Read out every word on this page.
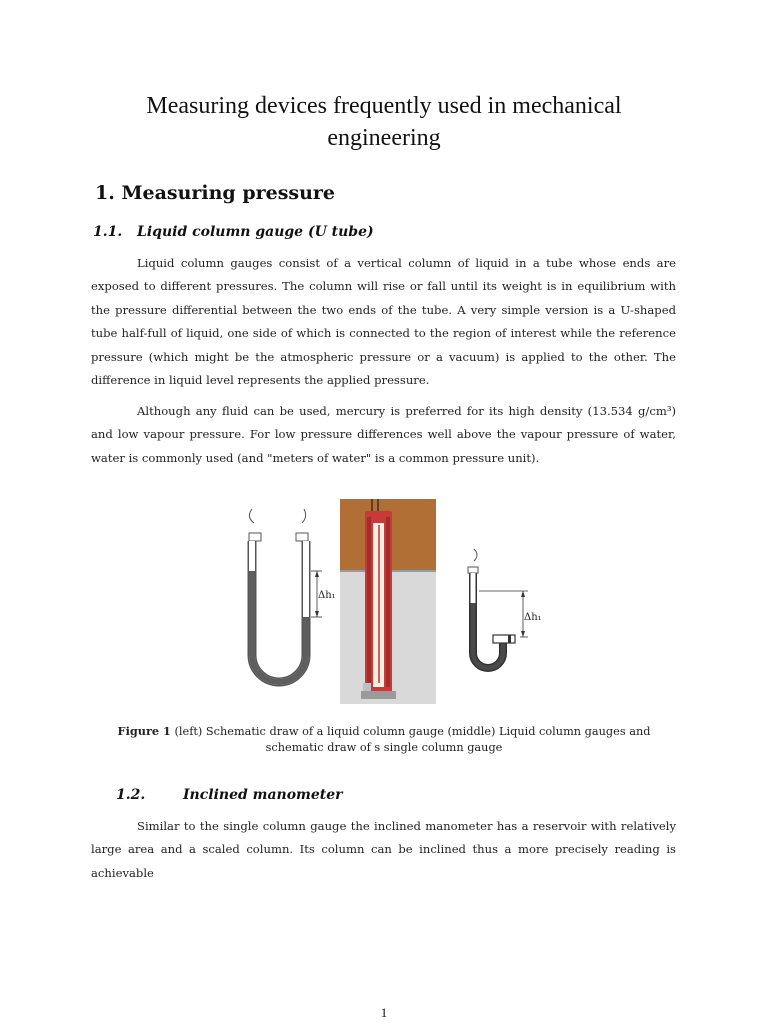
Measuring devices frequently used in mechanical engineering
1. Measuring pressure
1.1. Liquid column gauge (U tube)

Liquid column gauges consist of a vertical column of liquid in a tube whose ends are exposed to different pressures. The column will rise or fall until its weight is in equilibrium with the pressure differential between the two ends of the tube. A very simple version is a U-shaped tube half-full of liquid, one side of which is connected to the region of interest while the reference pressure (which might be the atmospheric pressure or a vacuum) is applied to the other. The difference in liquid level represents the applied pressure.

Although any fluid can be used, mercury is preferred for its high density (13.534 g/cm³) and low vapour pressure. For low pressure differences well above the vapour pressure of water, water is commonly used (and "meters of water" is a common pressure unit).

Δh₁
Δh₁
Figure 1 (left) Schematic draw of a liquid column gauge (middle) Liquid column gauges and schematic draw of s single column gauge
1.2.	Inclined manometer

Similar to the single column gauge the inclined manometer has a reservoir with relatively large area and a scaled column. Its column can be inclined thus a more precisely reading is achievable

1
